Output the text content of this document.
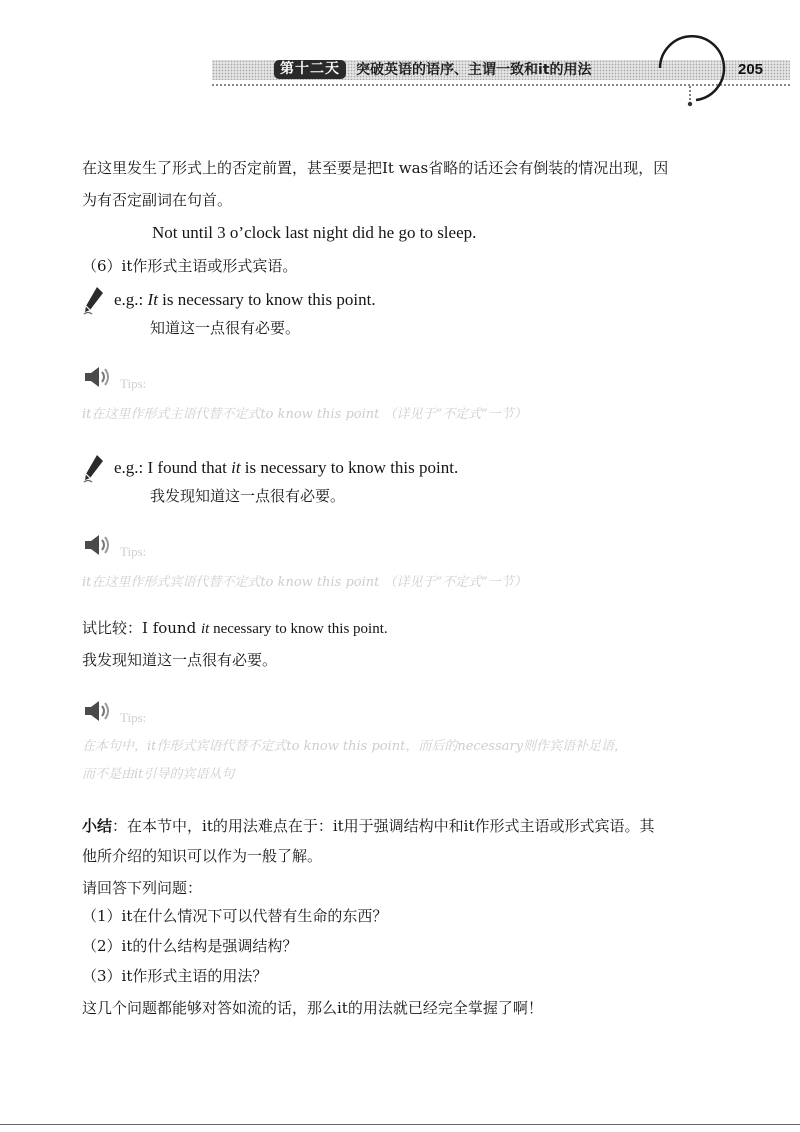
第十二天	突破英语的语序、主谓一致和it的用法	205
在这里发生了形式上的否定前置，甚至要是把It was省略的话还会有倒装的情况出现，因
为有否定副词在句首。
Not until 3 o’clock last night did he go to sleep.
（6）it作形式主语或形式宾语。
e.g.: It is necessary to know this point.
知道这一点很有必要。
Tips:
it在这里作形式主语代替不定式to know this point （详见于“不定式”一节）
e.g.: I found that it is necessary to know this point.
我发现知道这一点很有必要。
Tips:
it在这里作形式宾语代替不定式to know this point （详见于“不定式”一节）
试比较：I found it necessary to know this point.
我发现知道这一点很有必要。
Tips:
在本句中，it作形式宾语代替不定式to know this point，而后的necessary则作宾语补足语，
而不是由it引导的宾语从句
小结：在本节中，it的用法难点在于：it用于强调结构中和it作形式主语或形式宾语。其
他所介绍的知识可以作为一般了解。
请回答下列问题：
（1）it在什么情况下可以代替有生命的东西？
（2）it的什么结构是强调结构？
（3）it作形式主语的用法？
这几个问题都能够对答如流的话，那么it的用法就已经完全掌握了啊！
